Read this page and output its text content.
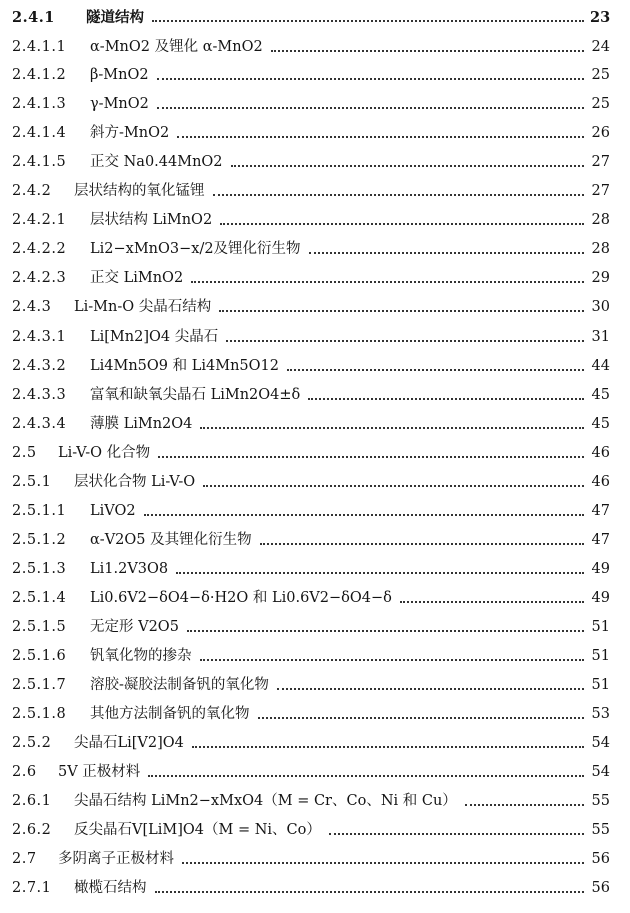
2.4.1	隧道结构	23
2.4.1.1	α-MnO2 及锂化 α-MnO2	24
2.4.1.2	β-MnO2	25
2.4.1.3	γ-MnO2	25
2.4.1.4	斜方-MnO2	26
2.4.1.5	正交 Na0.44MnO2	27
2.4.2	层状结构的氧化锰锂	27
2.4.2.1	层状结构 LiMnO2	28
2.4.2.2	Li2−xMnO3−x/2及锂化衍生物	28
2.4.2.3	正交 LiMnO2	29
2.4.3	Li-Mn-O 尖晶石结构	30
2.4.3.1	Li[Mn2]O4 尖晶石	31
2.4.3.2	Li4Mn5O9 和 Li4Mn5O12	44
2.4.3.3	富氧和缺氧尖晶石 LiMn2O4±δ	45
2.4.3.4	薄膜 LiMn2O4	45
2.5	Li-V-O 化合物	46
2.5.1	层状化合物 Li-V-O	46
2.5.1.1	LiVO2	47
2.5.1.2	α-V2O5 及其锂化衍生物	47
2.5.1.3	Li1.2V3O8	49
2.5.1.4	Li0.6V2−δO4−δ·H2O 和 Li0.6V2−δO4−δ	49
2.5.1.5	无定形 V2O5	51
2.5.1.6	钒氧化物的掺杂	51
2.5.1.7	溶胶-凝胶法制备钒的氧化物	51
2.5.1.8	其他方法制备钒的氧化物	53
2.5.2	尖晶石Li[V2]O4	54
2.6	5V 正极材料	54
2.6.1	尖晶石结构 LiMn2−xMxO4（M = Cr、Co、Ni 和 Cu）	55
2.6.2	反尖晶石V[LiM]O4（M = Ni、Co）	55
2.7	多阴离子正极材料	56
2.7.1	橄榄石结构	56
